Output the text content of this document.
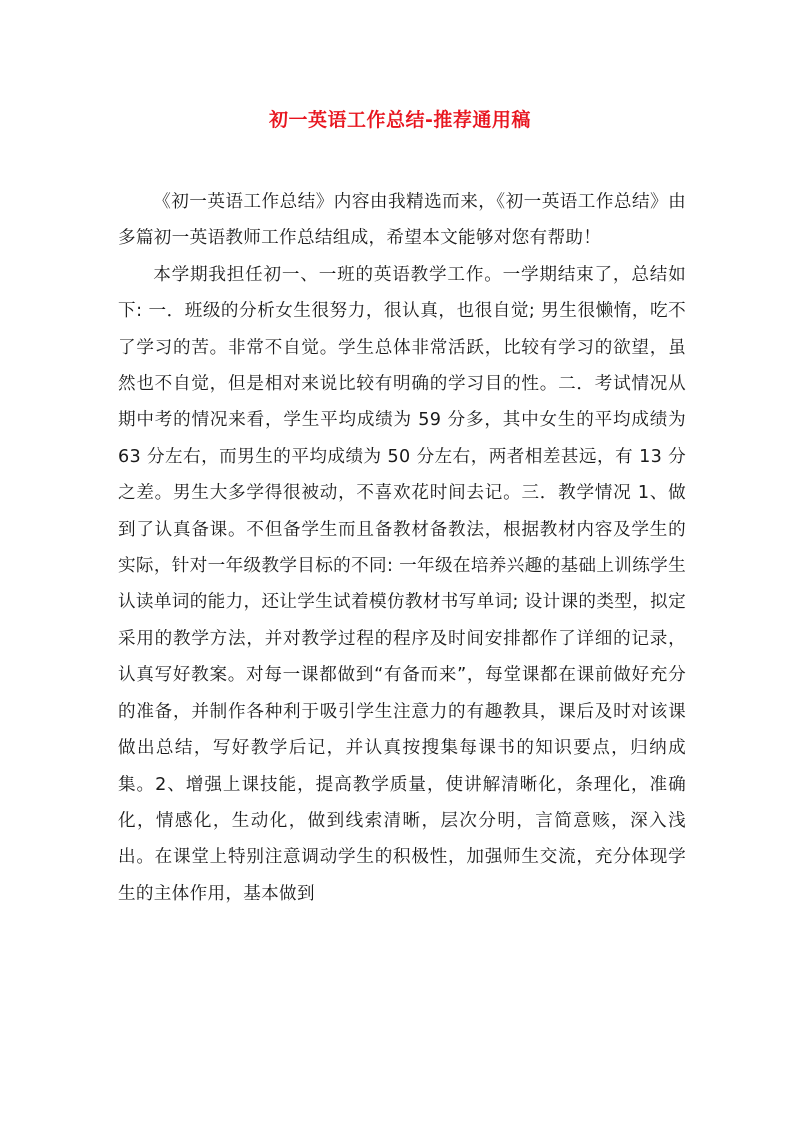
初一英语工作总结-推荐通用稿

《初一英语工作总结》内容由我精选而来，《初一英语工作总结》由多篇初一英语教师工作总结组成，希望本文能够对您有帮助！

本学期我担任初一、一班的英语教学工作。一学期结束了，总结如下: 一．班级的分析女生很努力，很认真，也很自觉; 男生很懒惰，吃不了学习的苦。非常不自觉。学生总体非常活跃，比较有学习的欲望，虽然也不自觉，但是相对来说比较有明确的学习目的性。二．考试情况从期中考的情况来看，学生平均成绩为 59 分多，其中女生的平均成绩为 63 分左右，而男生的平均成绩为 50 分左右，两者相差甚远，有 13 分之差。男生大多学得很被动，不喜欢花时间去记。三．教学情况 1、做到了认真备课。不但备学生而且备教材备教法，根据教材内容及学生的实际，针对一年级教学目标的不同: 一年级在培养兴趣的基础上训练学生认读单词的能力，还让学生试着模仿教材书写单词; 设计课的类型，拟定采用的教学方法，并对教学过程的程序及时间安排都作了详细的记录，认真写好教案。对每一课都做到“有备而来”，每堂课都在课前做好充分的准备，并制作各种利于吸引学生注意力的有趣教具，课后及时对该课做出总结，写好教学后记，并认真按搜集每课书的知识要点，归纳成集。2、增强上课技能，提高教学质量，使讲解清晰化，条理化，准确化，情感化，生动化，做到线索清晰，层次分明，言简意赅，深入浅出。在课堂上特别注意调动学生的积极性，加强师生交流，充分体现学生的主体作用，基本做到
